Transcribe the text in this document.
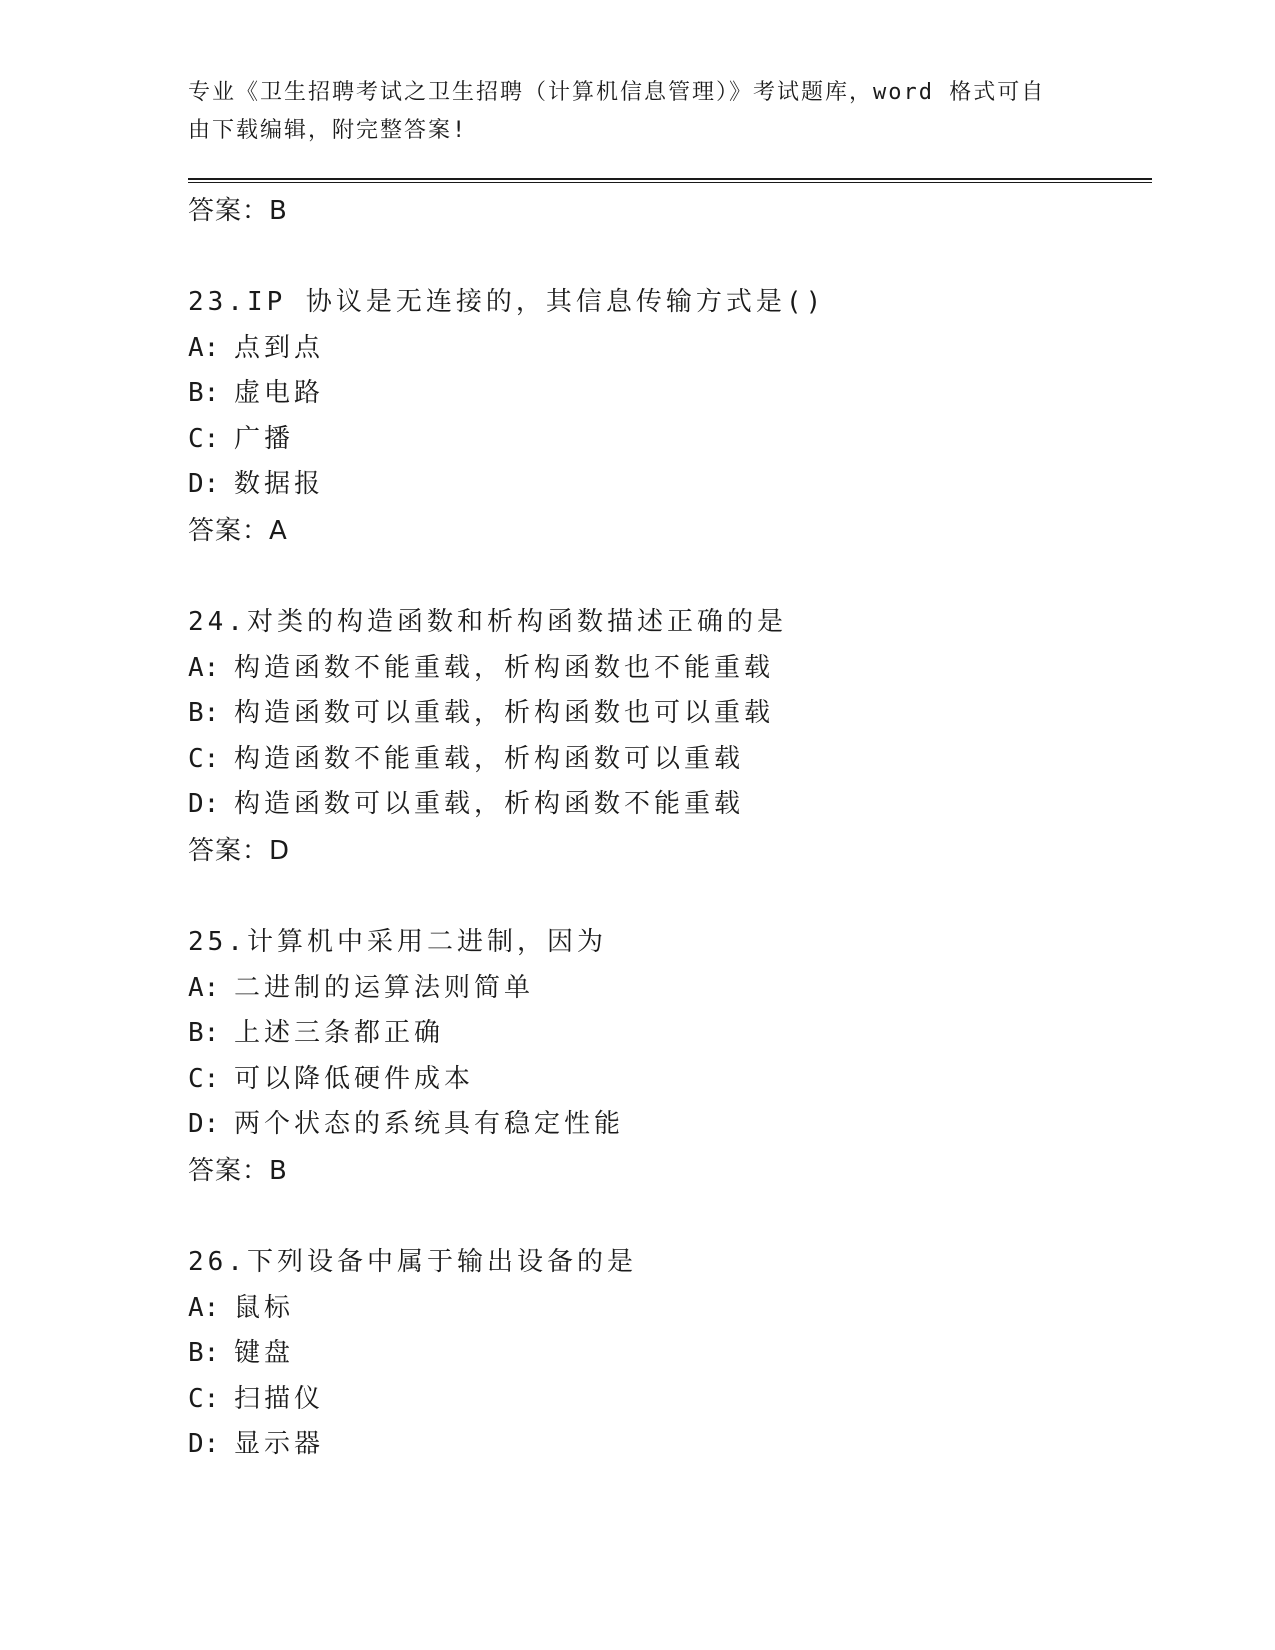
专业《卫生招聘考试之卫生招聘（计算机信息管理）》考试题库，word 格式可自
由下载编辑，附完整答案!
答案：B
23.IP 协议是无连接的，其信息传输方式是()
A: 点到点
B: 虚电路
C: 广播
D: 数据报
答案：A
24.对类的构造函数和析构函数描述正确的是
A: 构造函数不能重载，析构函数也不能重载
B: 构造函数可以重载，析构函数也可以重载
C: 构造函数不能重载，析构函数可以重载
D: 构造函数可以重载，析构函数不能重载
答案：D
25.计算机中采用二进制，因为
A: 二进制的运算法则简单
B: 上述三条都正确
C: 可以降低硬件成本
D: 两个状态的系统具有稳定性能
答案：B
26.下列设备中属于输出设备的是
A: 鼠标
B: 键盘
C: 扫描仪
D: 显示器
